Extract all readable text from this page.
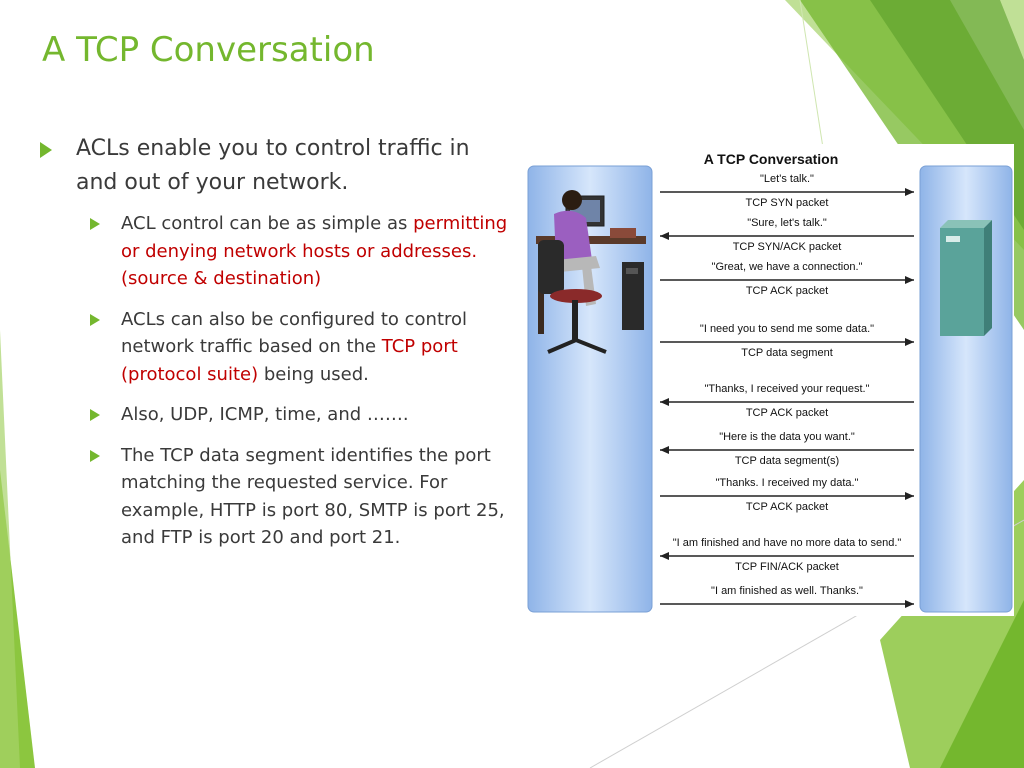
A TCP Conversation
ACLs enable you to control traffic in and out of your network.
ACL control can be as simple as permitting or denying network hosts or addresses. (source & destination)
ACLs can also be configured to control network traffic based on the TCP port (protocol suite) being used.
Also, UDP, ICMP, time, and …….
The TCP data segment identifies the port matching the requested service. For example, HTTP is port 80, SMTP is port 25, and FTP is port 20 and port 21.
A TCP Conversation
"Let's talk."
TCP SYN packet
"Sure, let's talk."
TCP SYN/ACK packet
"Great, we have a connection."
TCP ACK packet
"I need you to send me some data."
TCP data segment
"Thanks, I received your request."
TCP ACK packet
"Here is the data you want."
TCP data segment(s)
"Thanks. I received my data."
TCP ACK packet
"I am finished and have no more data to send."
TCP FIN/ACK packet
"I am finished as well. Thanks."
